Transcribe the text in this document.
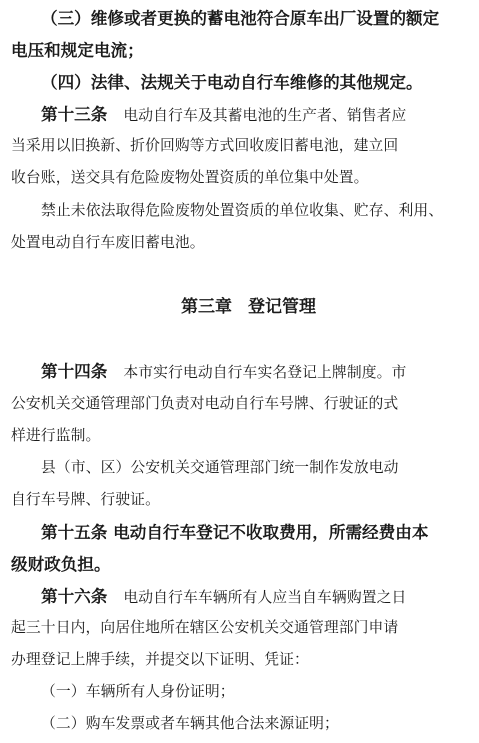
（三）维修或者更换的蓄电池符合原车出厂设置的额定
电压和规定电流；
（四）法律、法规关于电动自行车维修的其他规定。
第十三条 电动自行车及其蓄电池的生产者、销售者应
当采用以旧换新、折价回购等方式回收废旧蓄电池，建立回
收台账，送交具有危险废物处置资质的单位集中处置。
禁止未依法取得危险废物处置资质的单位收集、贮存、利用、
处置电动自行车废旧蓄电池。
第三章 登记管理
第十四条 本市实行电动自行车实名登记上牌制度。市
公安机关交通管理部门负责对电动自行车号牌、行驶证的式
样进行监制。
县（市、区）公安机关交通管理部门统一制作发放电动
自行车号牌、行驶证。
第十五条 电动自行车登记不收取费用，所需经费由本
级财政负担。
第十六条 电动自行车车辆所有人应当自车辆购置之日
起三十日内，向居住地所在辖区公安机关交通管理部门申请
办理登记上牌手续，并提交以下证明、凭证：
（一）车辆所有人身份证明；
（二）购车发票或者车辆其他合法来源证明；
